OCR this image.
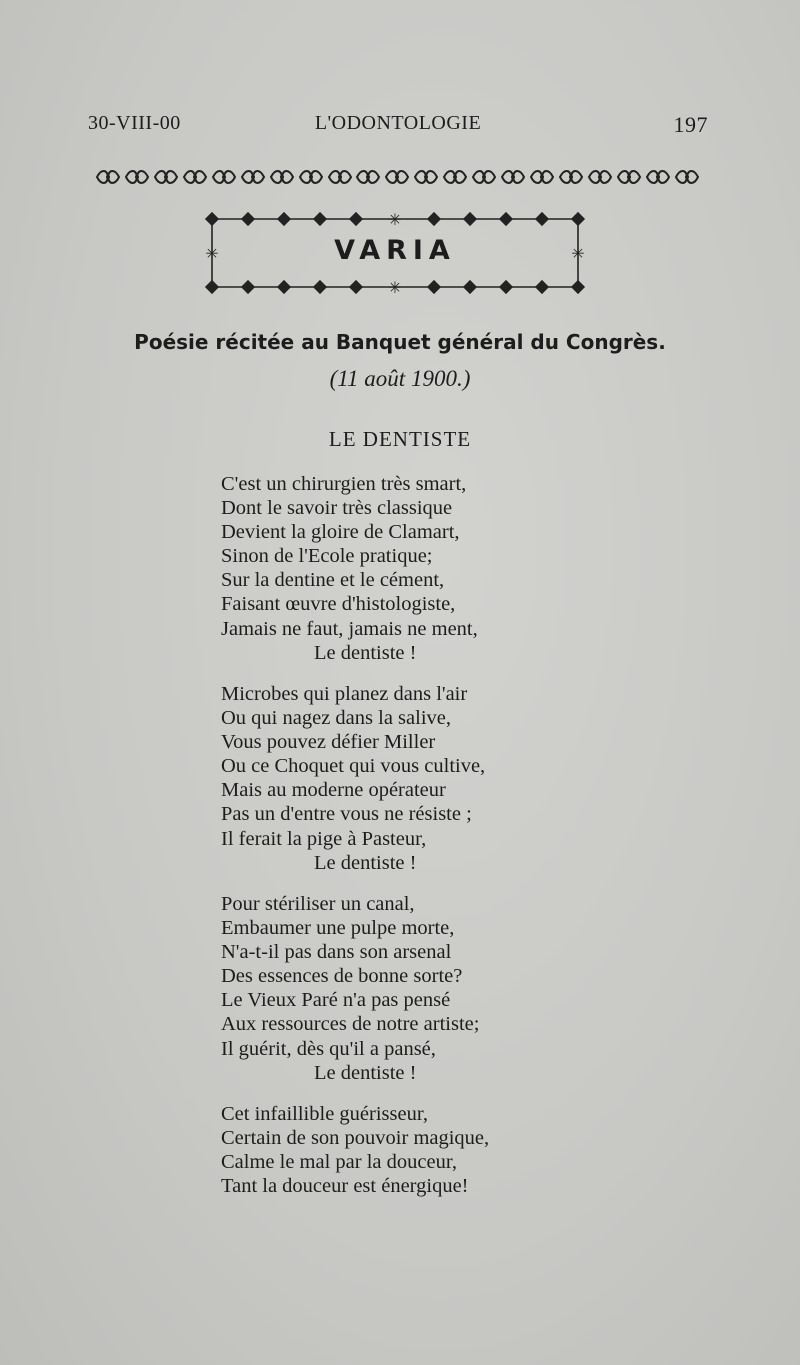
30-VIII-00	L'ODONTOLOGIE	197
✳
✳
✳	✳
VARIA
Poésie récitée au Banquet général du Congrès.
(11 août 1900.)
LE DENTISTE
C'est un chirurgien très smart,
Dont le savoir très classique
Devient la gloire de Clamart,
Sinon de l'Ecole pratique;
Sur la dentine et le cément,
Faisant œuvre d'histologiste,
Jamais ne faut, jamais ne ment,
Le dentiste !
Microbes qui planez dans l'air
Ou qui nagez dans la salive,
Vous pouvez défier Miller
Ou ce Choquet qui vous cultive,
Mais au moderne opérateur
Pas un d'entre vous ne résiste ;
Il ferait la pige à Pasteur,
Le dentiste !
Pour stériliser un canal,
Embaumer une pulpe morte,
N'a-t-il pas dans son arsenal
Des essences de bonne sorte?
Le Vieux Paré n'a pas pensé
Aux ressources de notre artiste;
Il guérit, dès qu'il a pansé,
Le dentiste !
Cet infaillible guérisseur,
Certain de son pouvoir magique,
Calme le mal par la douceur,
Tant la douceur est énergique!
